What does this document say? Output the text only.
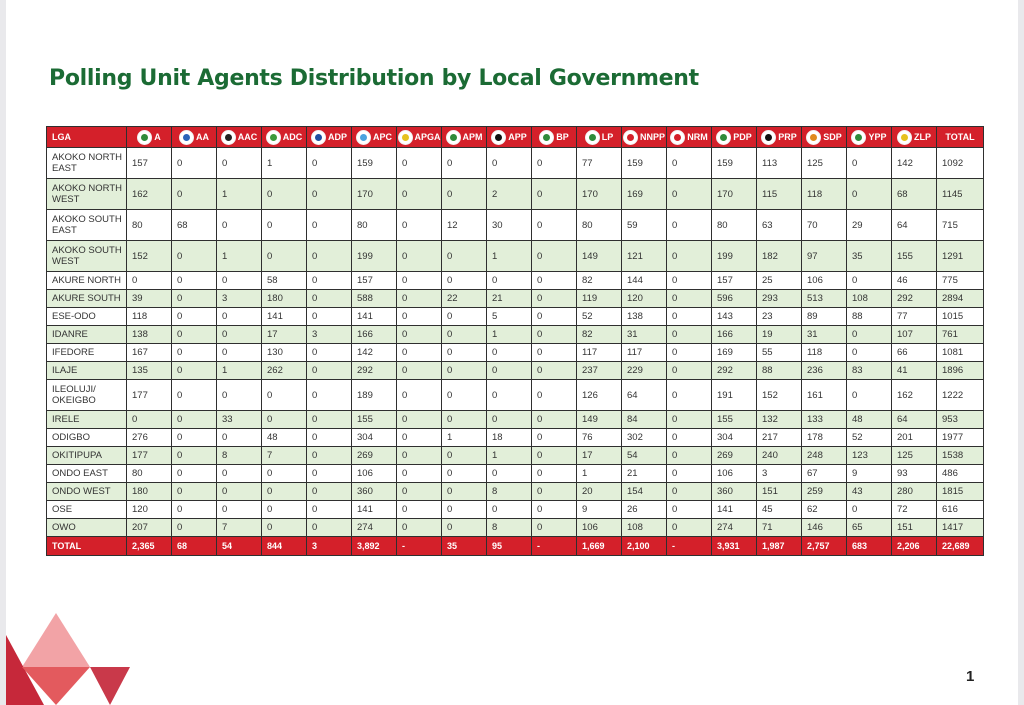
Polling Unit Agents Distribution by Local Government
LGA	A	AA	AAC	ADC	ADP	APC	APGA	APM	APP	BP	LP	NNPP	NRM	PDP	PRP	SDP	YPP	ZLP	TOTAL
AKOKO NORTH EAST	157	0	0	1	0	159	0	0	0	0	77	159	0	159	113	125	0	142	1092
AKOKO NORTH WEST	162	0	1	0	0	170	0	0	2	0	170	169	0	170	115	118	0	68	1145
AKOKO SOUTH EAST	80	68	0	0	0	80	0	12	30	0	80	59	0	80	63	70	29	64	715
AKOKO SOUTH WEST	152	0	1	0	0	199	0	0	1	0	149	121	0	199	182	97	35	155	1291
AKURE NORTH	0	0	0	58	0	157	0	0	0	0	82	144	0	157	25	106	0	46	775
AKURE SOUTH	39	0	3	180	0	588	0	22	21	0	119	120	0	596	293	513	108	292	2894
ESE-ODO	118	0	0	141	0	141	0	0	5	0	52	138	0	143	23	89	88	77	1015
IDANRE	138	0	0	17	3	166	0	0	1	0	82	31	0	166	19	31	0	107	761
IFEDORE	167	0	0	130	0	142	0	0	0	0	117	117	0	169	55	118	0	66	1081
ILAJE	135	0	1	262	0	292	0	0	0	0	237	229	0	292	88	236	83	41	1896
ILEOLUJI/ OKEIGBO	177	0	0	0	0	189	0	0	0	0	126	64	0	191	152	161	0	162	1222
IRELE	0	0	33	0	0	155	0	0	0	0	149	84	0	155	132	133	48	64	953
ODIGBO	276	0	0	48	0	304	0	1	18	0	76	302	0	304	217	178	52	201	1977
OKITIPUPA	177	0	8	7	0	269	0	0	1	0	17	54	0	269	240	248	123	125	1538
ONDO EAST	80	0	0	0	0	106	0	0	0	0	1	21	0	106	3	67	9	93	486
ONDO WEST	180	0	0	0	0	360	0	0	8	0	20	154	0	360	151	259	43	280	1815
OSE	120	0	0	0	0	141	0	0	0	0	9	26	0	141	45	62	0	72	616
OWO	207	0	7	0	0	274	0	0	8	0	106	108	0	274	71	146	65	151	1417
TOTAL	2,365	68	54	844	3	3,892	-	35	95	-	1,669	2,100	-	3,931	1,987	2,757	683	2,206	22,689
1
